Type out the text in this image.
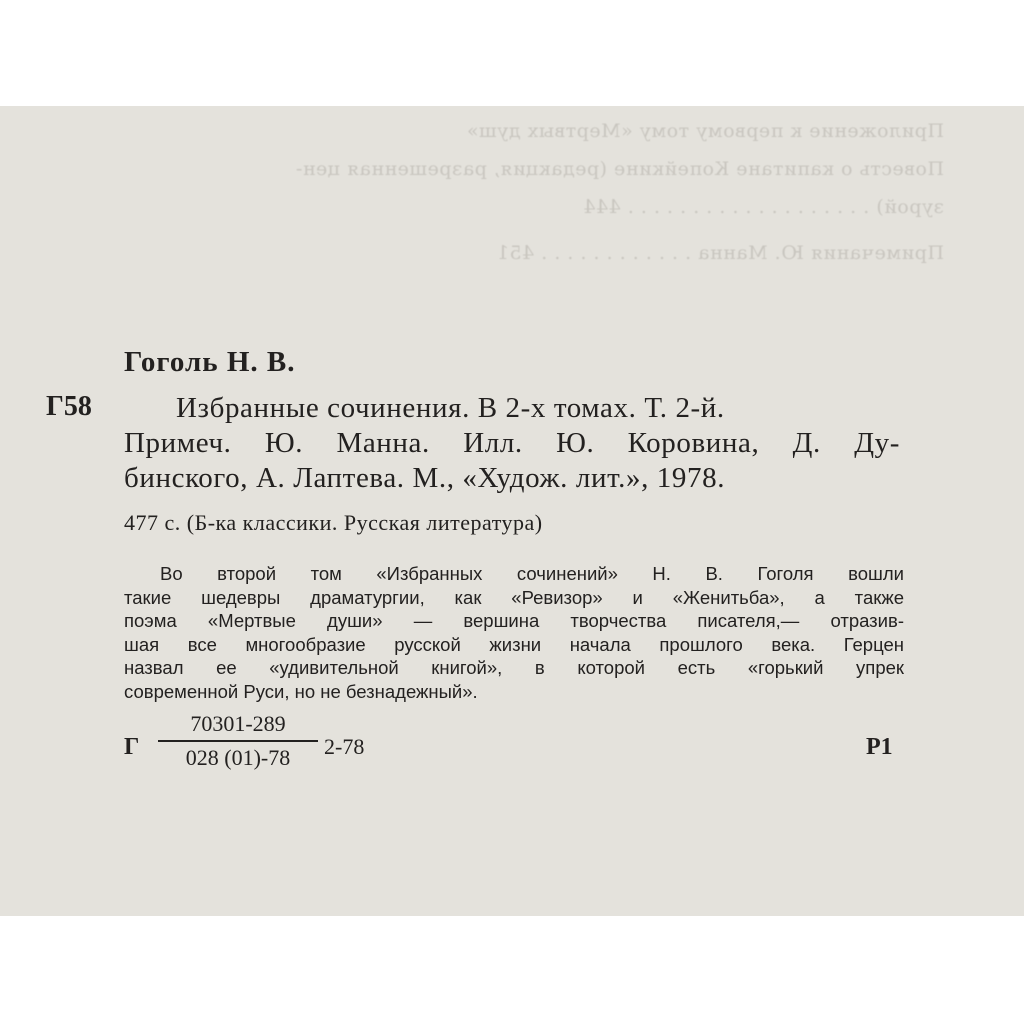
Приложение к первому тому «Мертвых душ»
Повесть о капитане Копейкине (редакция, разрешенная цен-
зурой) . . . . . . . . . . . . . . . . . . . 444
Примечания Ю. Манна . . . . . . . . . . . . 451
Гоголь Н. В.
Г58	Избранные сочинения. В 2-х томах. Т. 2-й.
Примеч. Ю. Манна. Илл. Ю. Коровина, Д. Ду-
бинского, А. Лаптева. М., «Худож. лит.», 1978.
477 с. (Б-ка классики. Русская литература)
Во второй том «Избранных сочинений» Н. В. Гоголя вошли
такие шедевры драматургии, как «Ревизор» и «Женитьба», а также
поэма «Мертвые души» — вершина творчества писателя,— отразив-
шая все многообразие русской жизни начала прошлого века. Герцен
назвал ее «удивительной книгой», в которой есть «горький упрек
современной Руси, но не безнадежный».
Г
70301-289
028 (01)-78	2-78	Р1
